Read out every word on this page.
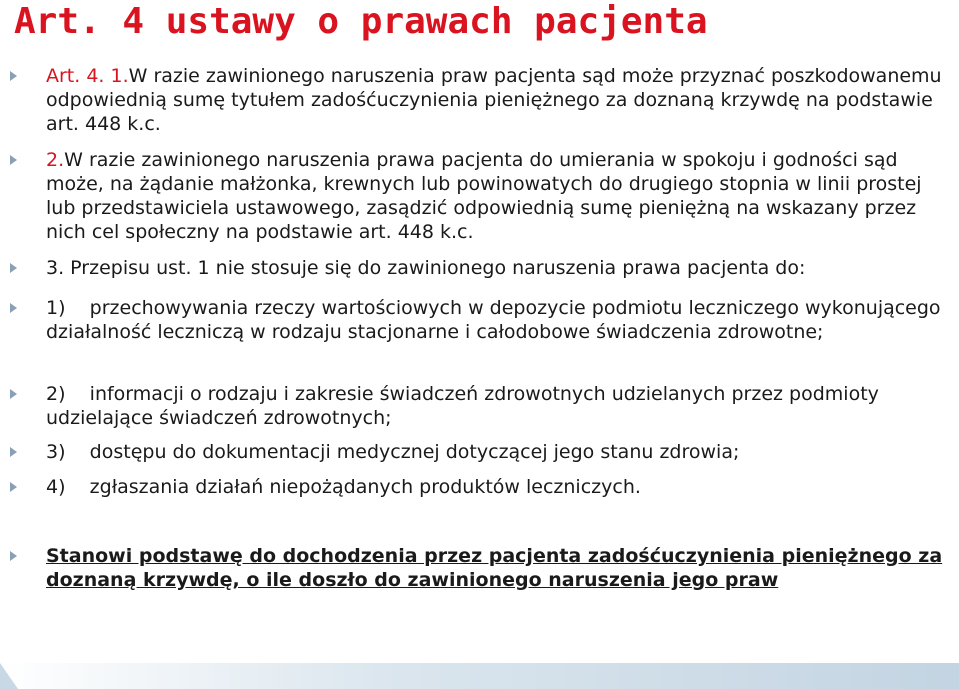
Art. 4 ustawy o prawach pacjenta
Art. 4. 1.W razie zawinionego naruszenia praw pacjenta sąd może przyznać poszkodowanemu odpowiednią sumę tytułem zadośćuczynienia pieniężnego za doznaną krzywdę na podstawie art. 448 k.c.
2.W razie zawinionego naruszenia prawa pacjenta do umierania w spokoju i godności sąd może, na żądanie małżonka, krewnych lub powinowatych do drugiego stopnia w linii prostej lub przedstawiciela ustawowego, zasądzić odpowiednią sumę pieniężną na wskazany przez nich cel społeczny na podstawie art. 448 k.c.
3. Przepisu ust. 1 nie stosuje się do zawinionego naruszenia prawa pacjenta do:
1)    przechowywania rzeczy wartościowych w depozycie podmiotu leczniczego wykonującego działalność leczniczą w rodzaju stacjonarne i całodobowe świadczenia zdrowotne;
2)    informacji o rodzaju i zakresie świadczeń zdrowotnych udzielanych przez podmioty udzielające świadczeń zdrowotnych;
3)    dostępu do dokumentacji medycznej dotyczącej jego stanu zdrowia;
4)    zgłaszania działań niepożądanych produktów leczniczych.
Stanowi podstawę do dochodzenia przez pacjenta zadośćuczynienia pieniężnego za doznaną krzywdę, o ile doszło do zawinionego naruszenia jego praw
